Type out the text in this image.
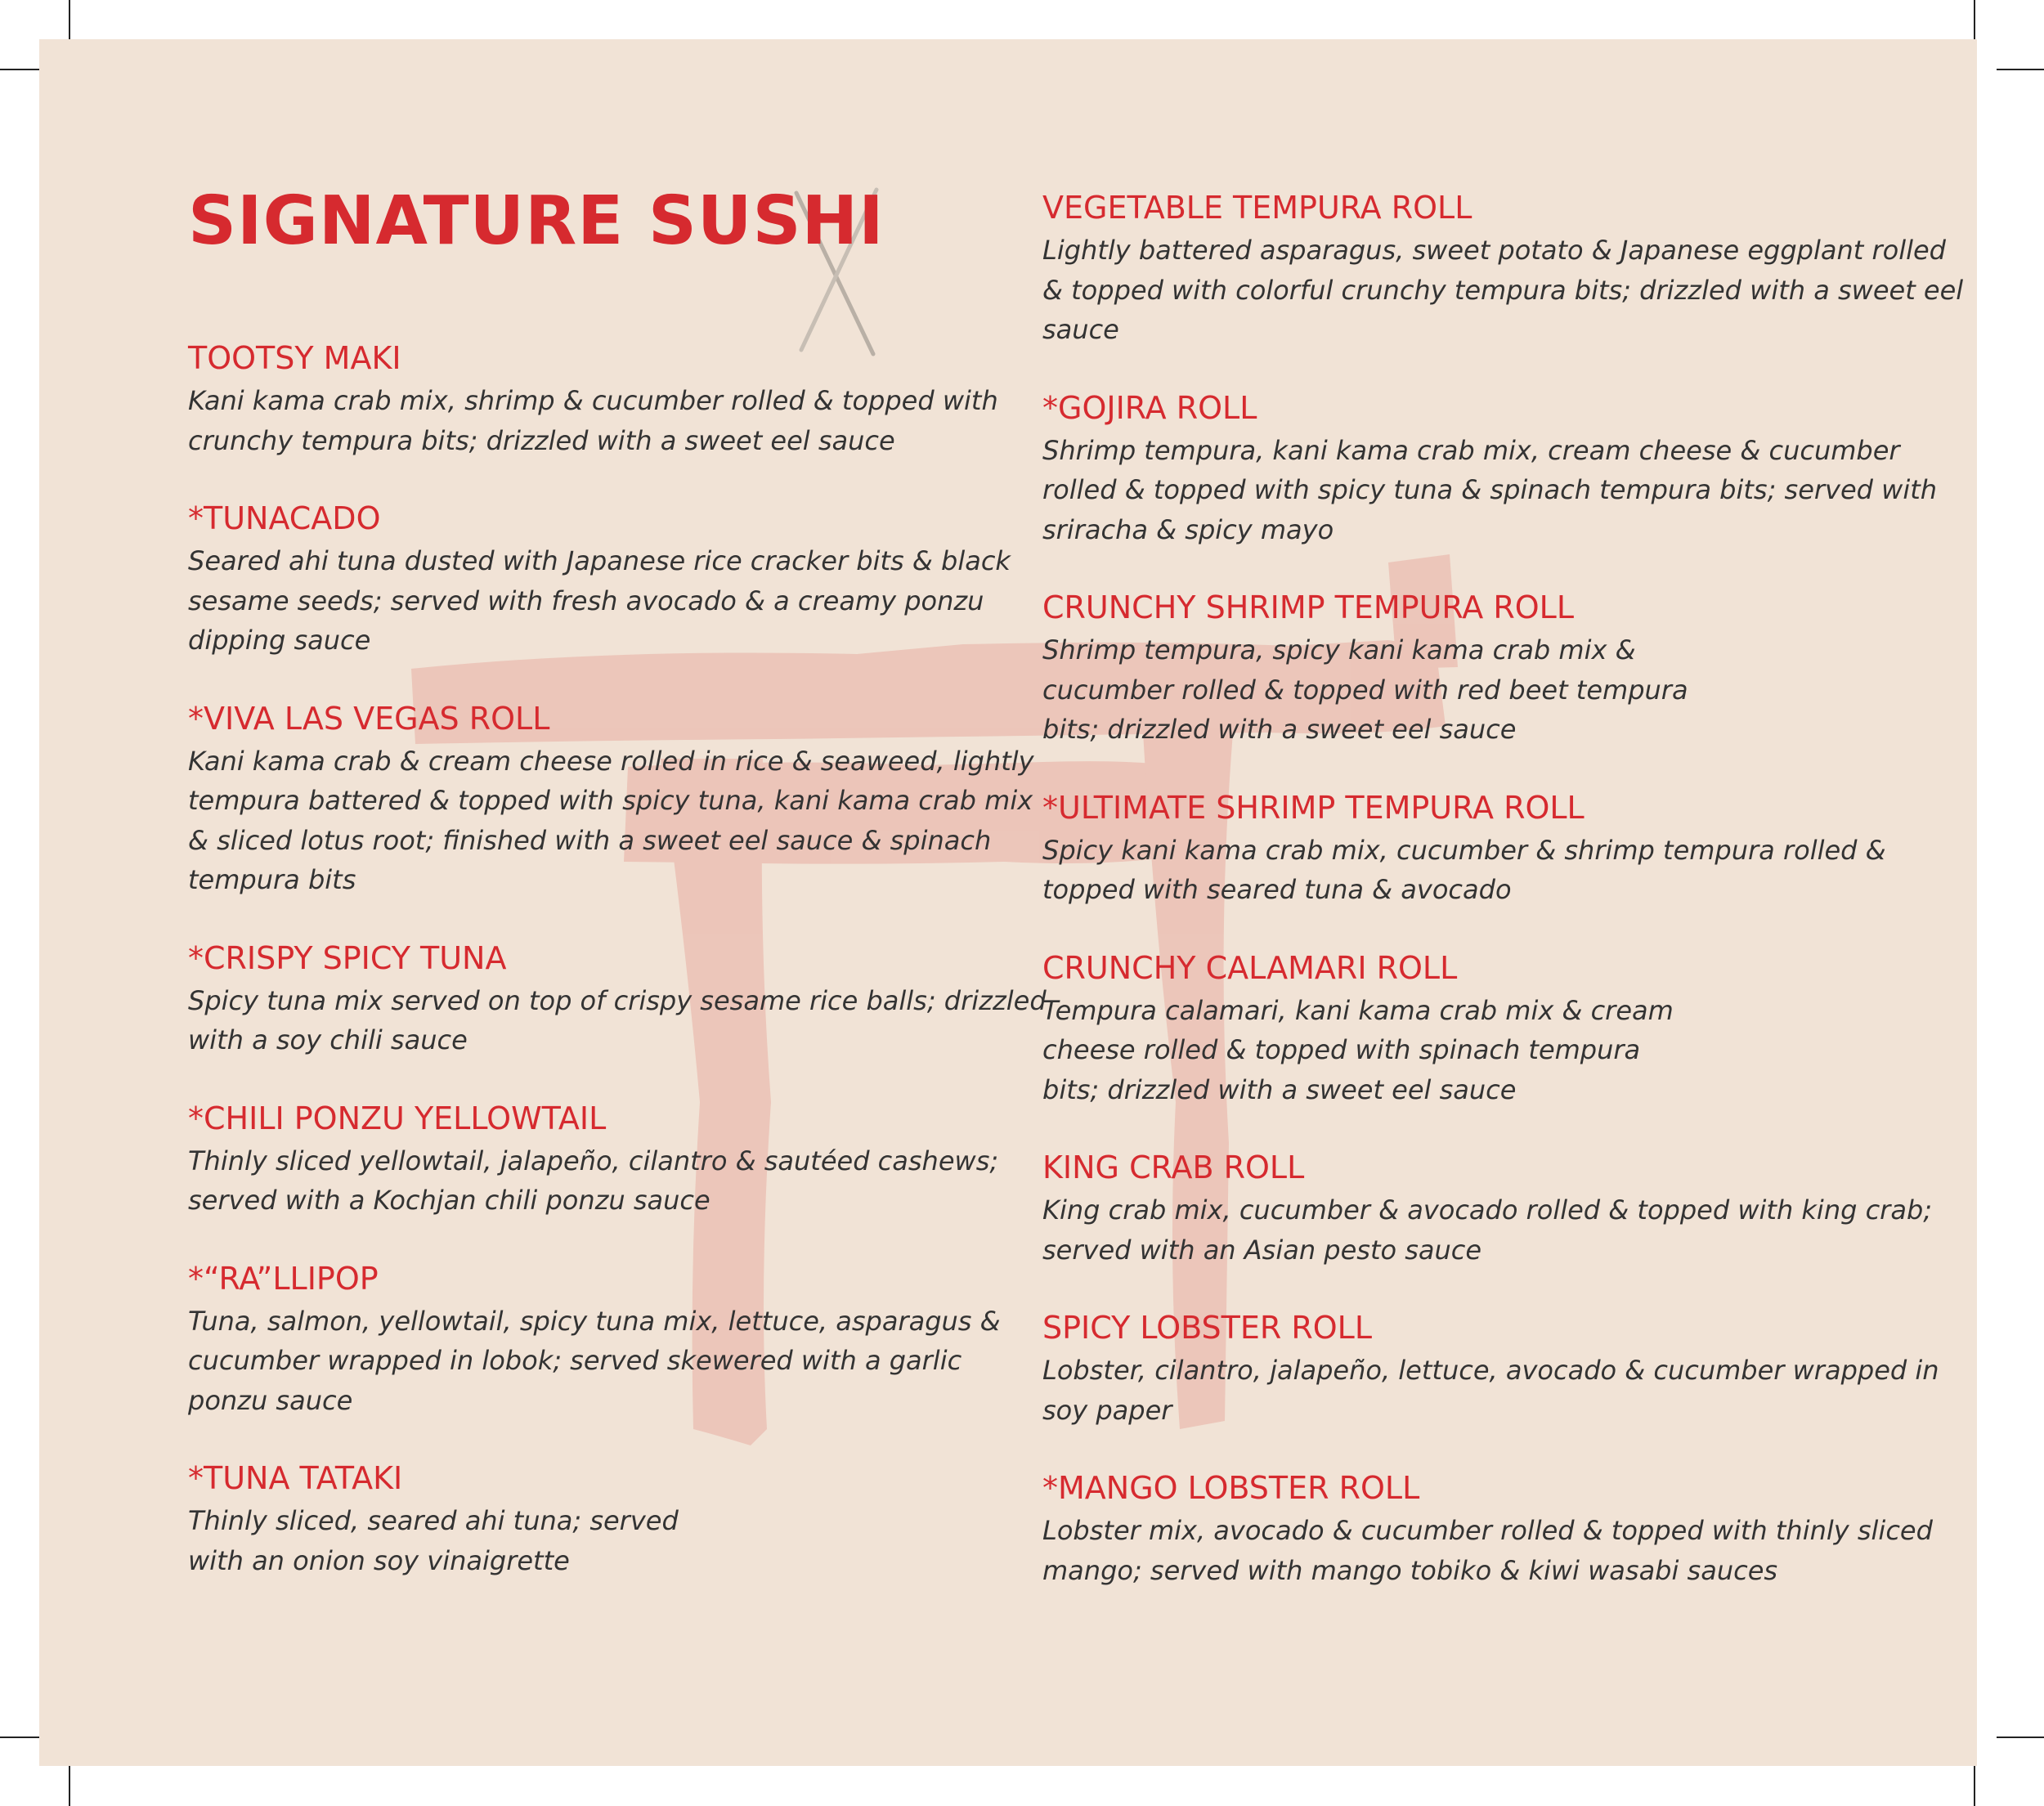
SIGNATURE SUSHI
TOOTSY MAKI

Kani kama crab mix, shrimp & cucumber rolled & topped with crunchy tempura bits; drizzled with a sweet eel sauce

*TUNACADO

Seared ahi tuna dusted with Japanese rice cracker bits & black sesame seeds; served with fresh avocado & a creamy ponzu dipping sauce

*VIVA LAS VEGAS ROLL

Kani kama crab & cream cheese rolled in rice & seaweed, lightly tempura battered & topped with spicy tuna, kani kama crab mix & sliced lotus root; finished with a sweet eel sauce & spinach tempura bits

*CRISPY SPICY TUNA

Spicy tuna mix served on top of crispy sesame rice balls; drizzled with a soy chili sauce

*CHILI PONZU YELLOWTAIL

Thinly sliced yellowtail, jalapeño, cilantro & sautéed cashews; served with a Kochjan chili ponzu sauce

*“RA”LLIPOP

Tuna, salmon, yellowtail, spicy tuna mix, lettuce, asparagus & cucumber wrapped in lobok; served skewered with a garlic ponzu sauce

*TUNA TATAKI

Thinly sliced, seared ahi tuna; served with an onion soy vinaigrette

VEGETABLE TEMPURA ROLL

Lightly battered asparagus, sweet potato & Japanese eggplant rolled & topped with colorful crunchy tempura bits; drizzled with a sweet eel sauce

*GOJIRA ROLL

Shrimp tempura, kani kama crab mix, cream cheese & cucumber rolled & topped with spicy tuna & spinach tempura bits; served with sriracha & spicy mayo

CRUNCHY SHRIMP TEMPURA ROLL

Shrimp tempura, spicy kani kama crab mix & cucumber rolled & topped with red beet tempura bits; drizzled with a sweet eel sauce

*ULTIMATE SHRIMP TEMPURA ROLL

Spicy kani kama crab mix, cucumber & shrimp tempura rolled & topped with seared tuna & avocado

CRUNCHY CALAMARI ROLL

Tempura calamari, kani kama crab mix & cream cheese rolled & topped with spinach tempura bits; drizzled with a sweet eel sauce

KING CRAB ROLL

King crab mix, cucumber & avocado rolled & topped with king crab; served with an Asian pesto sauce

SPICY LOBSTER ROLL

Lobster, cilantro, jalapeño, lettuce, avocado & cucumber wrapped in soy paper

*MANGO LOBSTER ROLL

Lobster mix, avocado & cucumber rolled & topped with thinly sliced mango; served with mango tobiko & kiwi wasabi sauces
